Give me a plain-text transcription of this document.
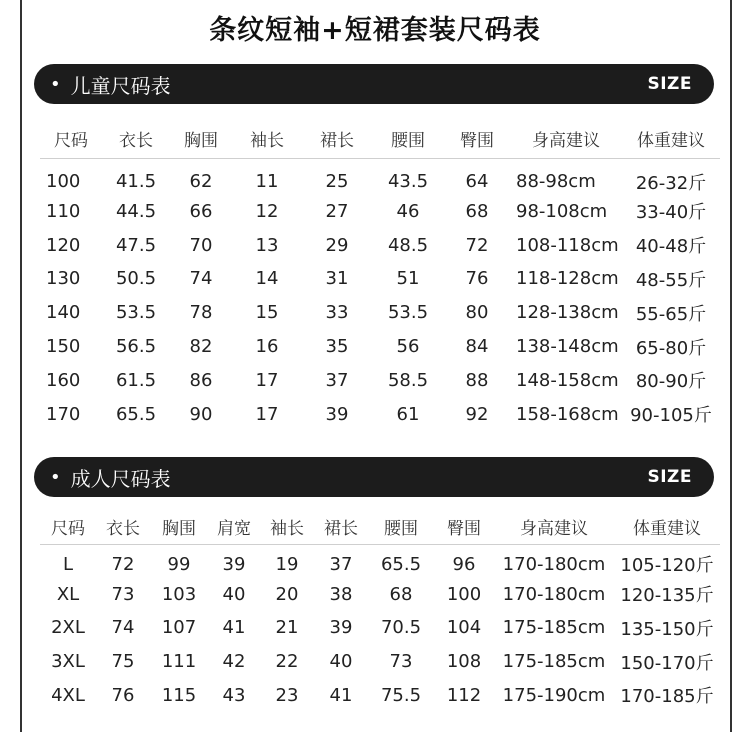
条纹短袖+短裙套装尺码表
• 儿童尺码表	SIZE
尺码	衣长	胸围	袖长	裙长	腰围	臀围	身高建议	体重建议
100	41.5	62	11	25	43.5	64	88-98cm	26-32斤
110	44.5	66	12	27	46	68	98-108cm	33-40斤
120	47.5	70	13	29	48.5	72	108-118cm	40-48斤
130	50.5	74	14	31	51	76	118-128cm	48-55斤
140	53.5	78	15	33	53.5	80	128-138cm	55-65斤
150	56.5	82	16	35	56	84	138-148cm	65-80斤
160	61.5	86	17	37	58.5	88	148-158cm	80-90斤
170	65.5	90	17	39	61	92	158-168cm	90-105斤
• 成人尺码表	SIZE
尺码	衣长	胸围	肩宽	袖长	裙长	腰围	臀围	身高建议	体重建议
L	72	99	39	19	37	65.5	96	170-180cm	105-120斤
XL	73	103	40	20	38	68	100	170-180cm	120-135斤
2XL	74	107	41	21	39	70.5	104	175-185cm	135-150斤
3XL	75	111	42	22	40	73	108	175-185cm	150-170斤
4XL	76	115	43	23	41	75.5	112	175-190cm	170-185斤
